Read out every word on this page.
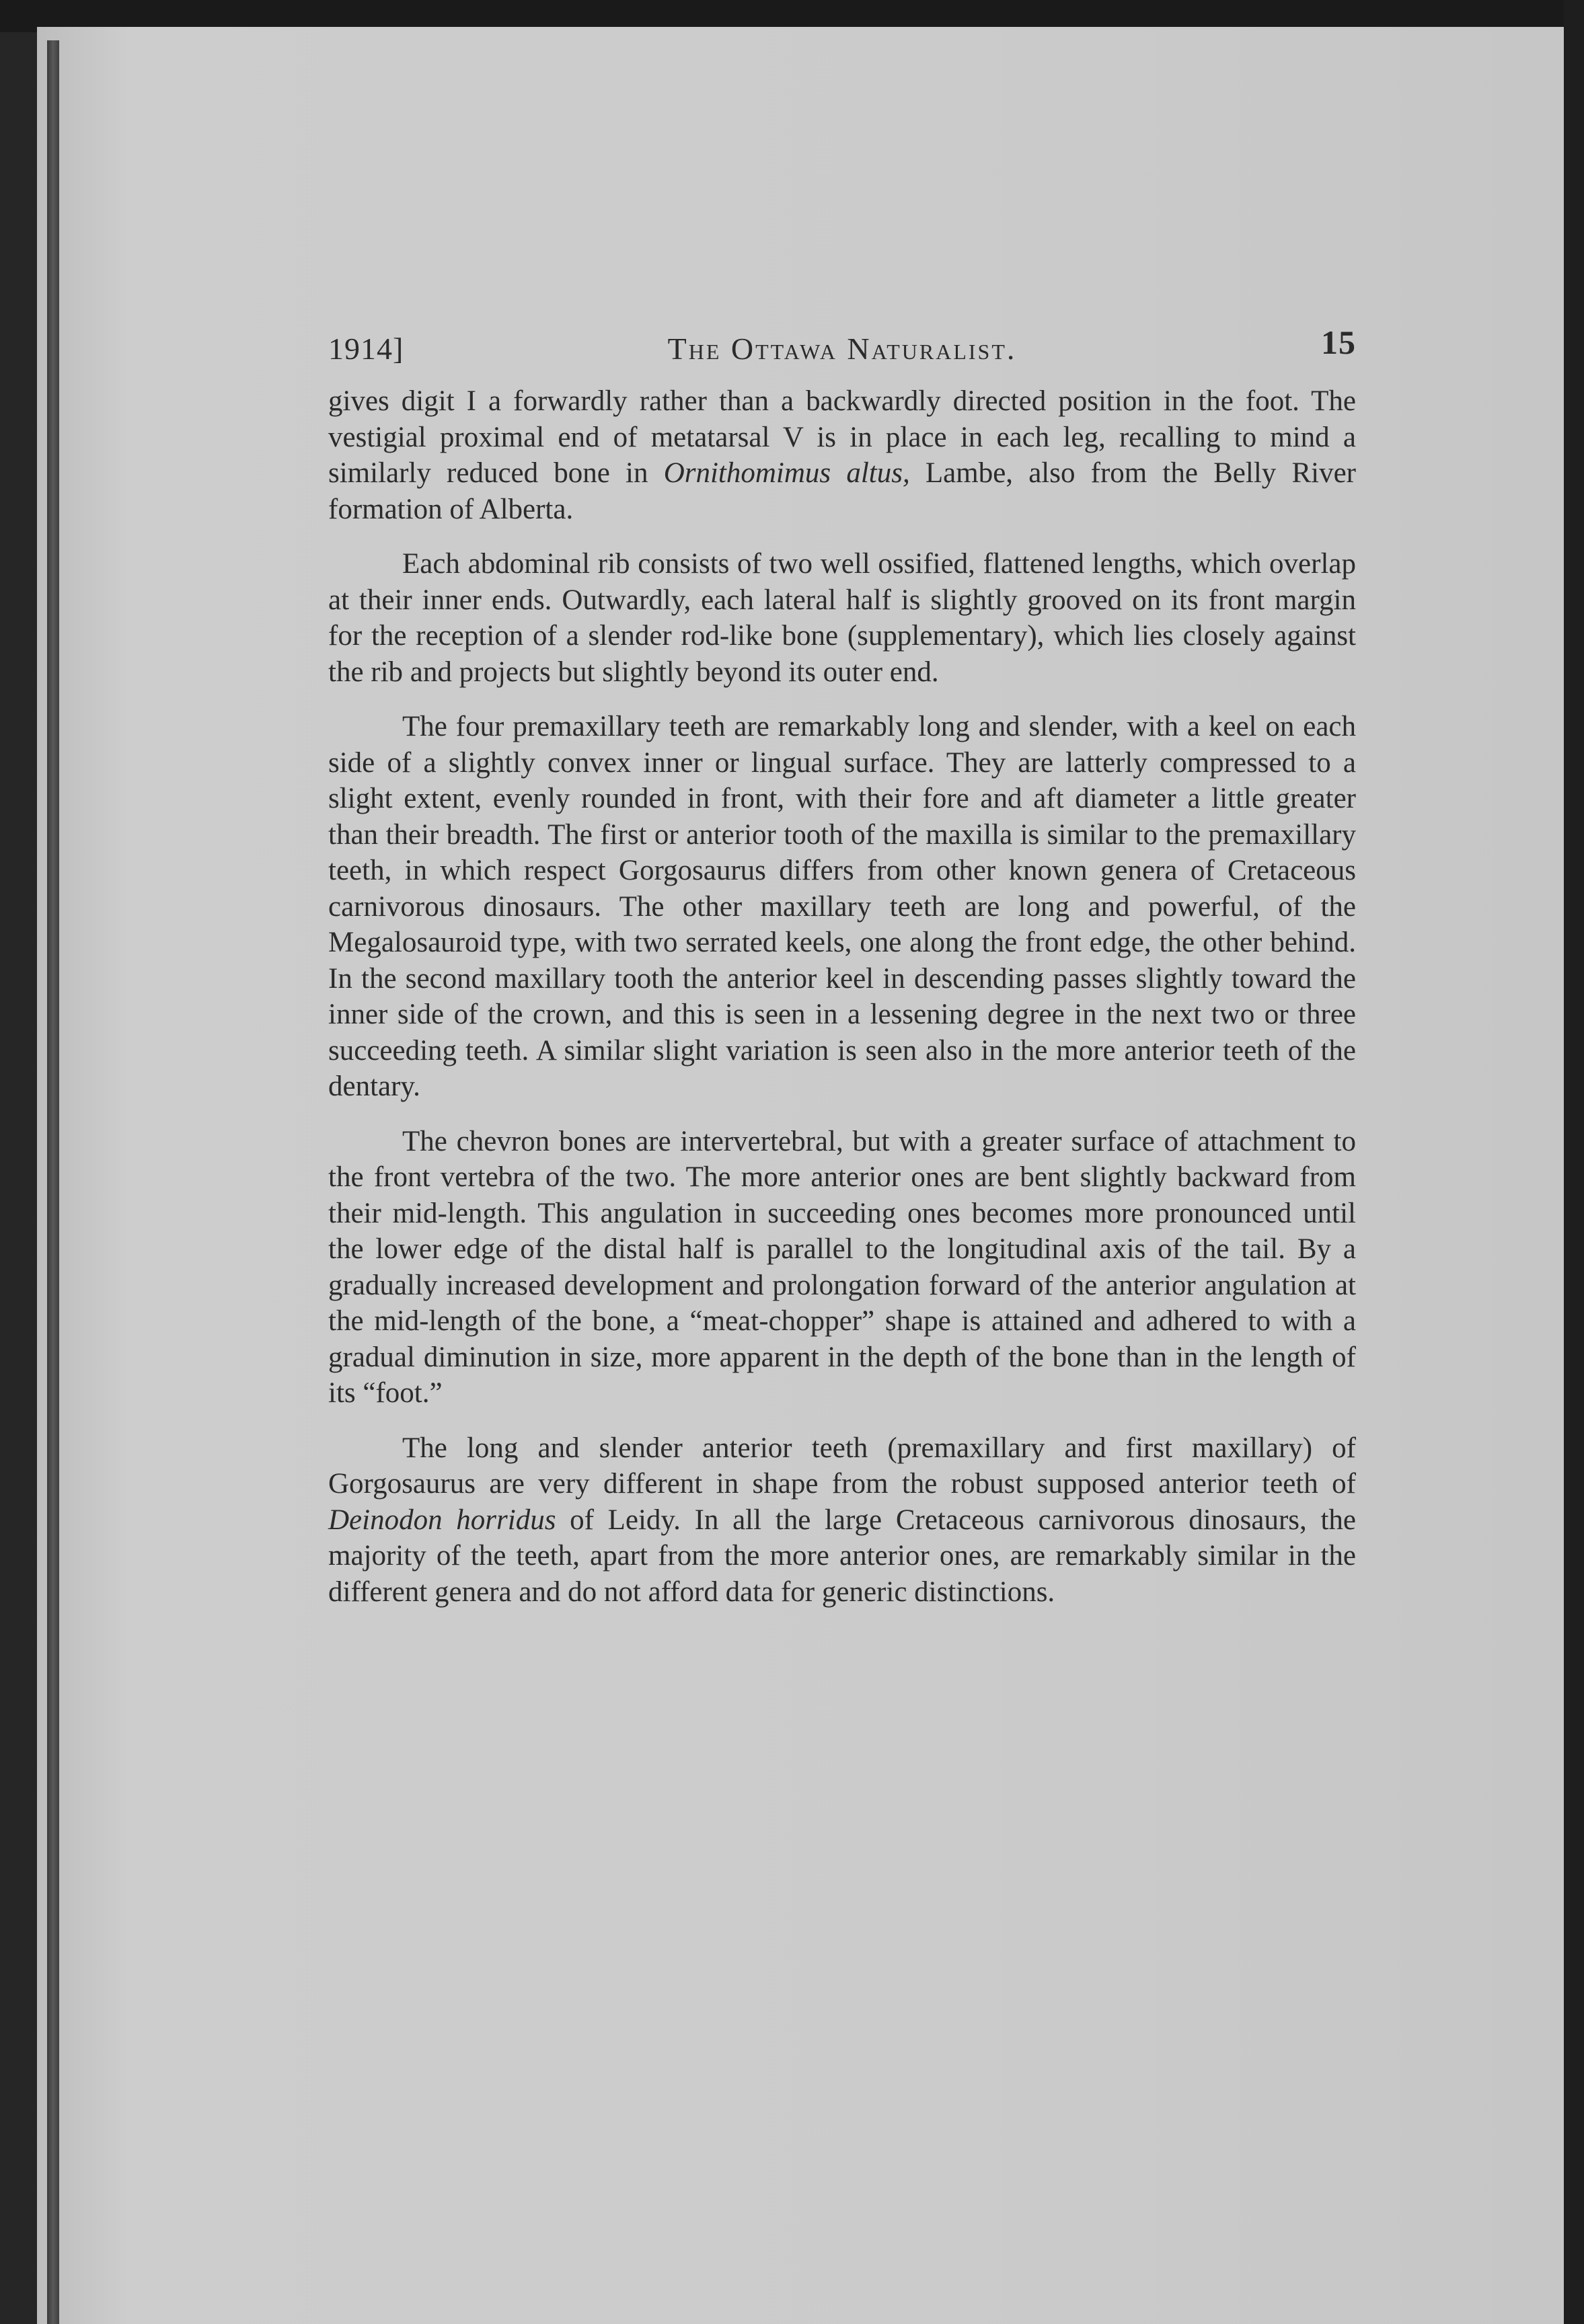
1914]	The Ottawa Naturalist.	15

gives digit I a forwardly rather than a backwardly directed position in the foot. The vestigial proximal end of metatarsal V is in place in each leg, recalling to mind a similarly reduced bone in Ornithomimus altus, Lambe, also from the Belly River formation of Alberta.

Each abdominal rib consists of two well ossified, flattened lengths, which overlap at their inner ends. Outwardly, each lateral half is slightly grooved on its front margin for the reception of a slender rod-like bone (supplementary), which lies closely against the rib and projects but slightly beyond its outer end.

The four premaxillary teeth are remarkably long and slender, with a keel on each side of a slightly convex inner or lingual surface. They are latterly compressed to a slight extent, evenly rounded in front, with their fore and aft diameter a little greater than their breadth. The first or anterior tooth of the maxilla is similar to the premaxillary teeth, in which respect Gorgosaurus differs from other known genera of Cretaceous carnivorous dinosaurs. The other maxillary teeth are long and powerful, of the Megalosauroid type, with two serrated keels, one along the front edge, the other behind. In the second maxillary tooth the anterior keel in descending passes slightly toward the inner side of the crown, and this is seen in a lessening degree in the next two or three succeeding teeth. A similar slight variation is seen also in the more anterior teeth of the dentary.

The chevron bones are intervertebral, but with a greater surface of attachment to the front vertebra of the two. The more anterior ones are bent slightly backward from their mid-length. This angulation in succeeding ones becomes more pronounced until the lower edge of the distal half is parallel to the longitudinal axis of the tail. By a gradually increased development and prolongation forward of the anterior angulation at the mid-length of the bone, a “meat-chopper” shape is attained and adhered to with a gradual diminution in size, more apparent in the depth of the bone than in the length of its “foot.”

The long and slender anterior teeth (premaxillary and first maxillary) of Gorgosaurus are very different in shape from the robust supposed anterior teeth of Deinodon horridus of Leidy. In all the large Cretaceous carnivorous dinosaurs, the majority of the teeth, apart from the more anterior ones, are remarkably similar in the different genera and do not afford data for generic distinctions.
